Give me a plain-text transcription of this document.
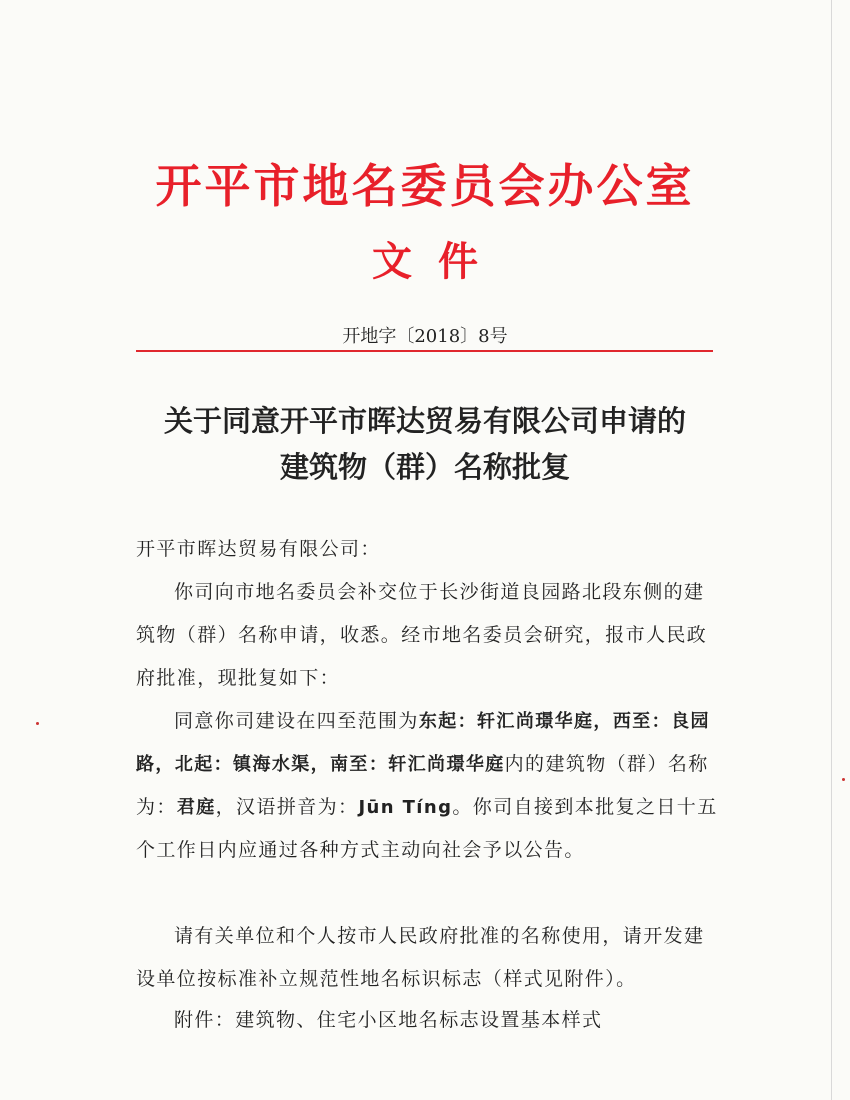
开平市地名委员会办公室
文件
开地字〔2018〕8号
关于同意开平市晖达贸易有限公司申请的
建筑物（群）名称批复
开平市晖达贸易有限公司：

你司向市地名委员会补交位于长沙街道良园路北段东侧的建筑物（群）名称申请，收悉。经市地名委员会研究，报市人民政府批准，现批复如下：

同意你司建设在四至范围为东起：轩汇尚璟华庭，西至：良园路，北起：镇海水渠，南至：轩汇尚璟华庭内的建筑物（群）名称为：君庭，汉语拼音为：Jūn Tíng。你司自接到本批复之日十五个工作日内应通过各种方式主动向社会予以公告。

请有关单位和个人按市人民政府批准的名称使用，请开发建设单位按标准补立规范性地名标识标志（样式见附件）。

附件：建筑物、住宅小区地名标志设置基本样式
